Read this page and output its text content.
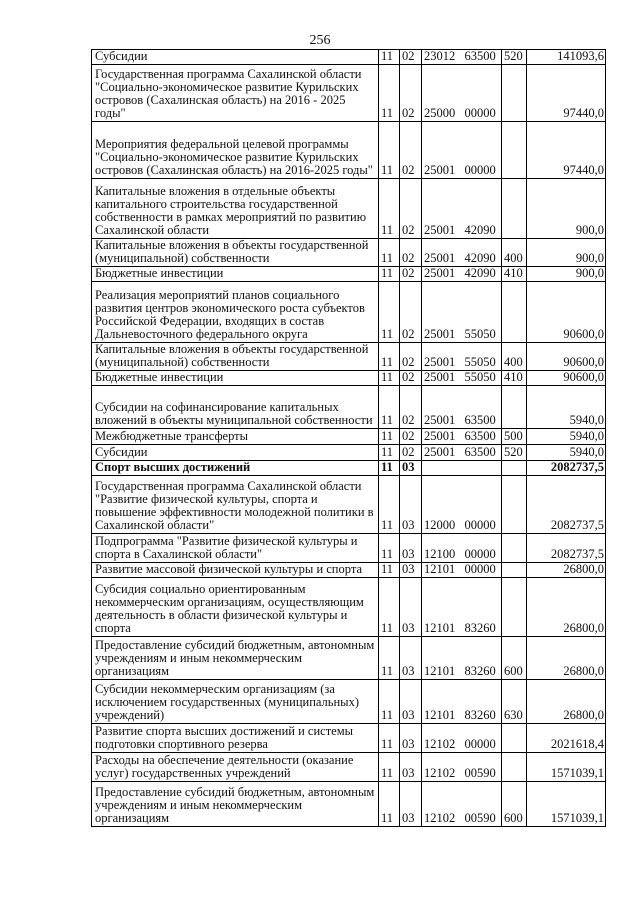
256
Субсидии	11	02	23012	63500	520	141093,6
Государственная программа Сахалинской области "Социально-экономическое развитие Курильских островов (Сахалинская область) на 2016 - 2025 годы"	11	02	25000	00000		97440,0
Мероприятия федеральной целевой программы "Социально-экономическое развитие Курильских островов (Сахалинская область) на 2016-2025 годы"	11	02	25001	00000		97440,0
Капитальные вложения в отдельные объекты капитального строительства государственной собственности в рамках мероприятий по развитию Сахалинской области	11	02	25001	42090		900,0
Капитальные вложения в объекты государственной (муниципальной) собственности	11	02	25001	42090	400	900,0
Бюджетные инвестиции	11	02	25001	42090	410	900,0
Реализация мероприятий планов социального развития центров экономического роста субъектов Российской Федерации, входящих в состав Дальневосточного федерального округа	11	02	25001	55050		90600,0
Капитальные вложения в объекты государственной (муниципальной) собственности	11	02	25001	55050	400	90600,0
Бюджетные инвестиции	11	02	25001	55050	410	90600,0
Субсидии на софинансирование капитальных вложений в объекты муниципальной собственности	11	02	25001	63500		5940,0
Межбюджетные трансферты	11	02	25001	63500	500	5940,0
Субсидии	11	02	25001	63500	520	5940,0
Спорт высших достижений	11	03				2082737,5
Государственная программа Сахалинской области "Развитие физической культуры, спорта и повышение эффективности молодежной политики в Сахалинской области"	11	03	12000	00000		2082737,5
Подпрограмма "Развитие физической культуры и спорта в Сахалинской области"	11	03	12100	00000		2082737,5
Развитие массовой физической культуры и спорта	11	03	12101	00000		26800,0
Субсидия социально ориентированным некоммерческим организациям, осуществляющим деятельность в области физической культуры и спорта	11	03	12101	83260		26800,0
Предоставление субсидий бюджетным, автономным учреждениям и иным некоммерческим организациям	11	03	12101	83260	600	26800,0
Субсидии некоммерческим организациям (за исключением государственных (муниципальных) учреждений)	11	03	12101	83260	630	26800,0
Развитие спорта высших достижений и системы подготовки спортивного резерва	11	03	12102	00000		2021618,4
Расходы на обеспечение деятельности (оказание услуг) государственных учреждений	11	03	12102	00590		1571039,1
Предоставление субсидий бюджетным, автономным учреждениям и иным некоммерческим организациям	11	03	12102	00590	600	1571039,1
